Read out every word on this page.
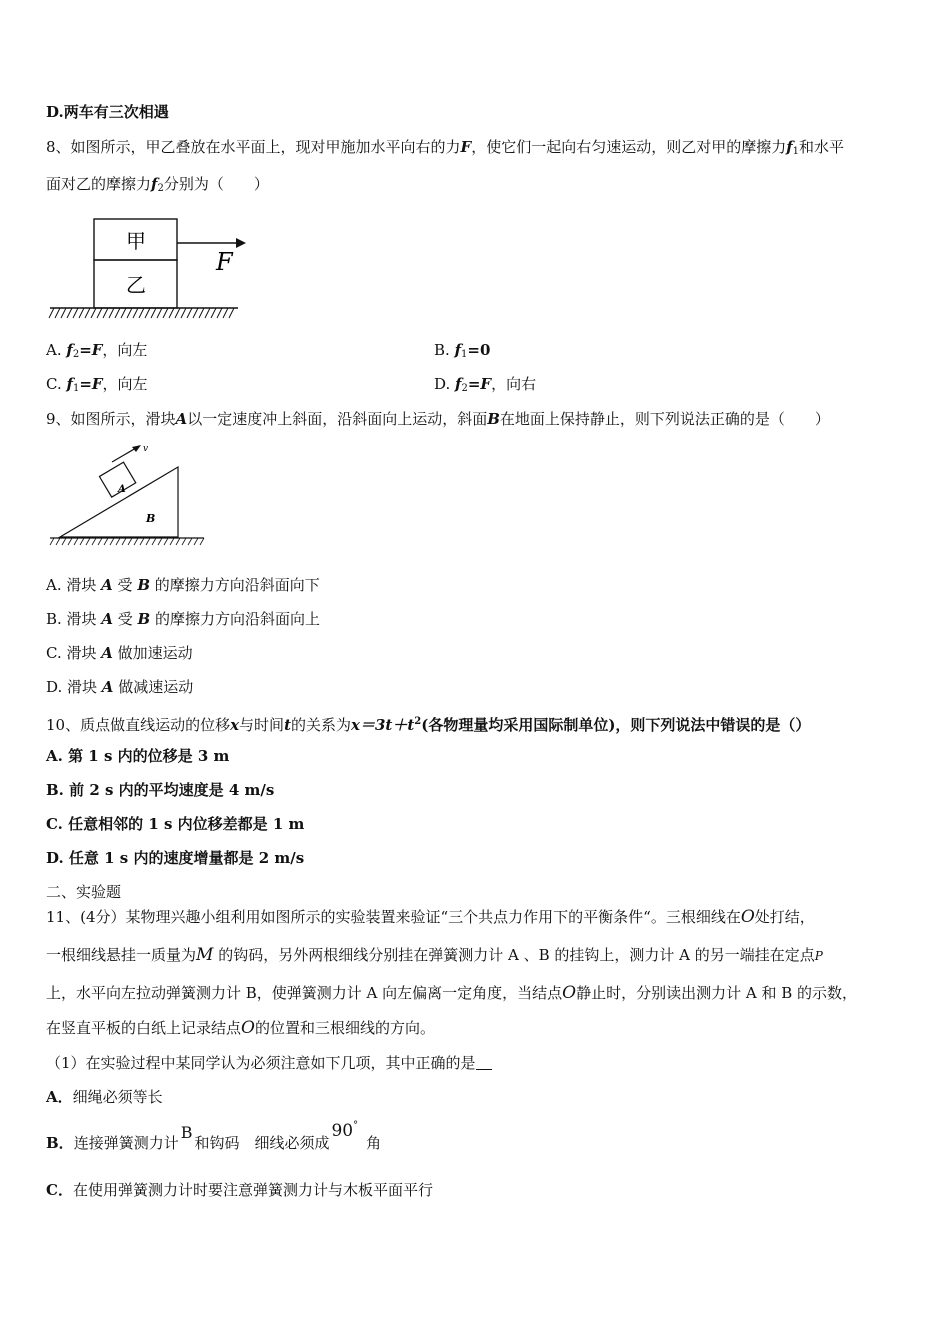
D.两车有三次相遇
8、如图所示，甲乙叠放在水平面上，现对甲施加水平向右的力F，使它们一起向右匀速运动，则乙对甲的摩擦力$f_1$和水平
面对乙的摩擦力$f_2$分别为（　　）
甲
乙
F
A. $f_2=F$，向左	B. $f_1=0$
C. $f_1=F$，向左	D. $f_2=F$，向右
9、如图所示，滑块A以一定速度冲上斜面，沿斜面向上运动，斜面B在地面上保持静止，则下列说法正确的是（　　）
A
B
v
A. 滑块 A 受 B 的摩擦力方向沿斜面向下
B. 滑块 A 受 B 的摩擦力方向沿斜面向上
C. 滑块 A 做加速运动
D. 滑块 A 做减速运动
10、质点做直线运动的位移x与时间t的关系为$x=3t+t^2$(各物理量均采用国际制单位)，则下列说法中错误的是（）
A. 第 1 s 内的位移是 3 m
B. 前 2 s 内的平均速度是 4 m/s
C. 任意相邻的 1 s 内位移差都是 1 m
D. 任意 1 s 内的速度增量都是 2 m/s
二、实验题
11、(4分）某物理兴趣小组利用如图所示的实验装置来验证“三个共点力作用下的平衡条件“。三根细线在O处打结，
一根细线悬挂一质量为M 的钩码，另外两根细线分别挂在弹簧测力计 A 、B 的挂钩上，测力计 A 的另一端挂在定点P
上，水平向左拉动弹簧测力计 B，使弹簧测力计 A 向左偏离一定角度，当结点O静止时，分别读出测力计 A 和 B 的示数，
在竖直平板的白纸上记录结点O的位置和三根细线的方向。
（1）在实验过程中某同学认为必须注意如下几项，其中正确的是
A．细绳必须等长
B．连接弹簧测力计B和钩码　细线必须成90°角
C．在使用弹簧测力计时要注意弹簧测力计与木板平面平行
